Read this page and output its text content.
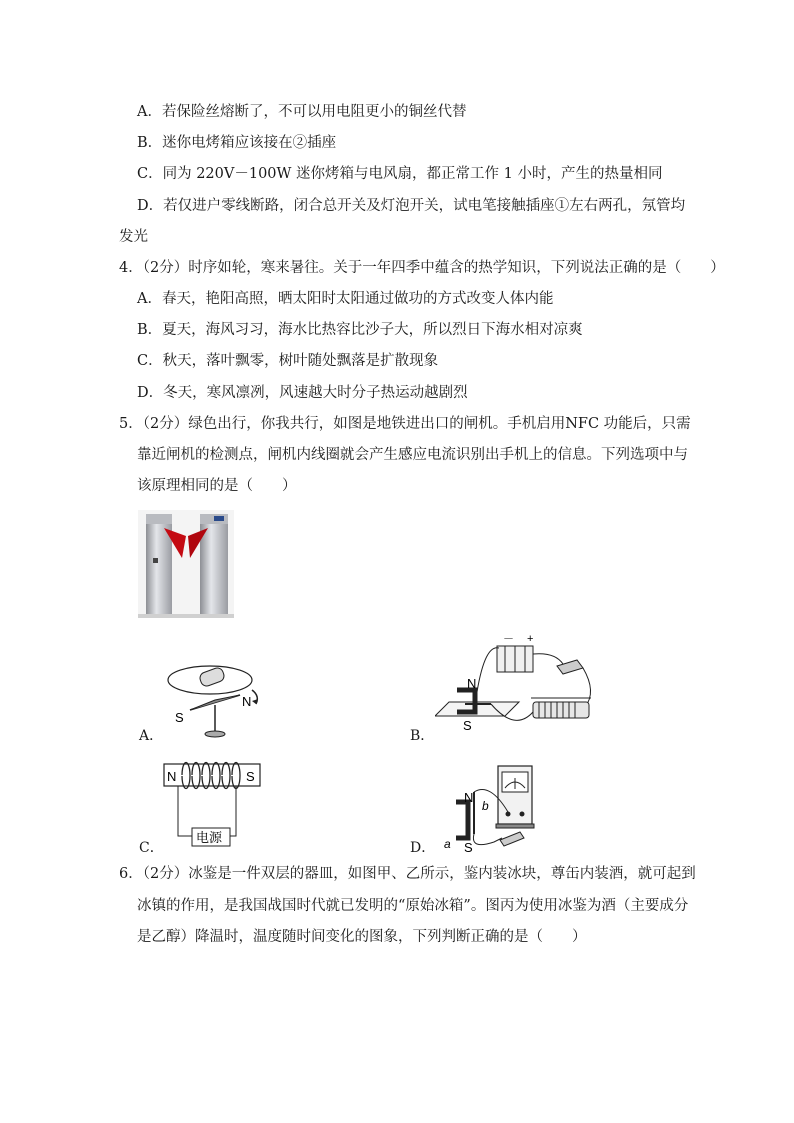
A．若保险丝熔断了，不可以用电阻更小的铜丝代替
B．迷你电烤箱应该接在②插座
C．同为 220V－100W 迷你烤箱与电风扇，都正常工作 1 小时，产生的热量相同
D．若仅进户零线断路，闭合总开关及灯泡开关，试电笔接触插座①左右两孔，氖管均
发光
4．（2分）时序如轮，寒来暑往。关于一年四季中蕴含的热学知识，下列说法正确的是（　　）
A．春天，艳阳高照，晒太阳时太阳通过做功的方式改变人体内能
B．夏天，海风习习，海水比热容比沙子大，所以烈日下海水相对凉爽
C．秋天，落叶飘零，树叶随处飘落是扩散现象
D．冬天，寒风凛冽，风速越大时分子热运动越剧烈
5．（2分）绿色出行，你我共行，如图是地铁进出口的闸机。手机启用NFC 功能后，只需
靠近闸机的检测点，闸机内线圈就会产生感应电流识别出手机上的信息。下列选项中与
该原理相同的是（　　）
A．
N
S
B．
－ +
N
S
C．
N	S
电源
D．
N
S
a
b
6．（2分）冰鉴是一件双层的器皿，如图甲、乙所示，鉴内装冰块，尊缶内装酒，就可起到
冰镇的作用，是我国战国时代就已发明的“原始冰箱”。图丙为使用冰鉴为酒（主要成分
是乙醇）降温时，温度随时间变化的图象，下列判断正确的是（　　）
